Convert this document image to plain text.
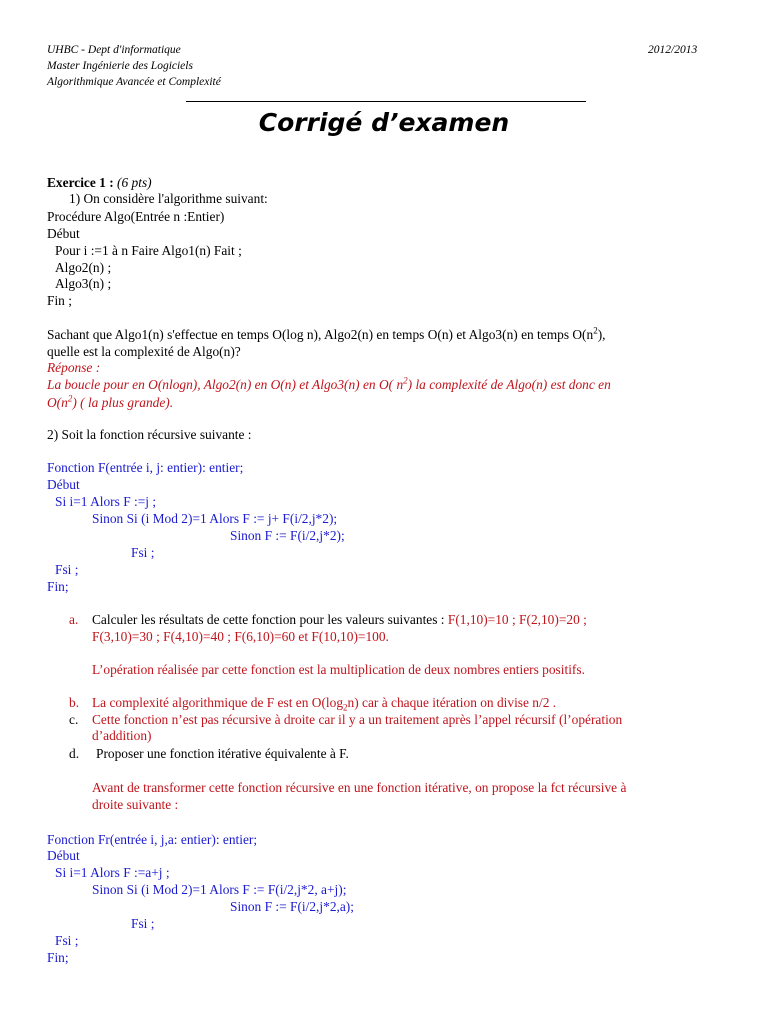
UHBC - Dept d'informatique	2012/2013
Master Ingénierie des Logiciels
Algorithmique Avancée et Complexité
Corrigé d’examen
Exercice 1 : (6 pts)
1) On considère l'algorithme suivant:
Procédure Algo(Entrée n :Entier)
Début
Pour i :=1 à n Faire Algo1(n) Fait ;
Algo2(n) ;
Algo3(n) ;
Fin ;
Sachant que Algo1(n) s'effectue en temps O(log n), Algo2(n) en temps O(n) et Algo3(n) en temps $O(n^2)$,
quelle est la complexité de Algo(n)?
Réponse :
La boucle pour en O(nlogn), Algo2(n) en O(n) et Algo3(n) en O( $n^2$) la complexité de Algo(n) est donc en
$O(n^2)$ ( la plus grande).
2) Soit la fonction récursive suivante :
Fonction F(entrée i, j: entier): entier;
Début
Si i=1 Alors F :=j ;
Sinon Si (i Mod 2)=1 Alors F := j+ F(i/2,j*2);
Sinon F := F(i/2,j*2);
Fsi ;
Fsi ;
Fin;
a. Calculer les résultats de cette fonction pour les valeurs suivantes : F(1,10)=10 ; F(2,10)=20 ;
F(3,10)=30 ; F(4,10)=40 ; F(6,10)=60 et F(10,10)=100.
L’opération réalisée par cette fonction est la multiplication de deux nombres entiers positifs.
b. La complexité algorithmique de F est en $O(\log_2n)$ car à chaque itération on divise n/2 .
c. Cette fonction n’est pas récursive à droite car il y a un traitement après l’appel récursif (l’opération
d’addition)
d. Proposer une fonction itérative équivalente à F.
Avant de transformer cette fonction récursive en une fonction itérative, on propose la fct récursive à
droite suivante :
Fonction Fr(entrée i, j,a: entier): entier;
Début
Si i=1 Alors F :=a+j ;
Sinon Si (i Mod 2)=1 Alors F := F(i/2,j*2, a+j);
Sinon F := F(i/2,j*2,a);
Fsi ;
Fsi ;
Fin;
